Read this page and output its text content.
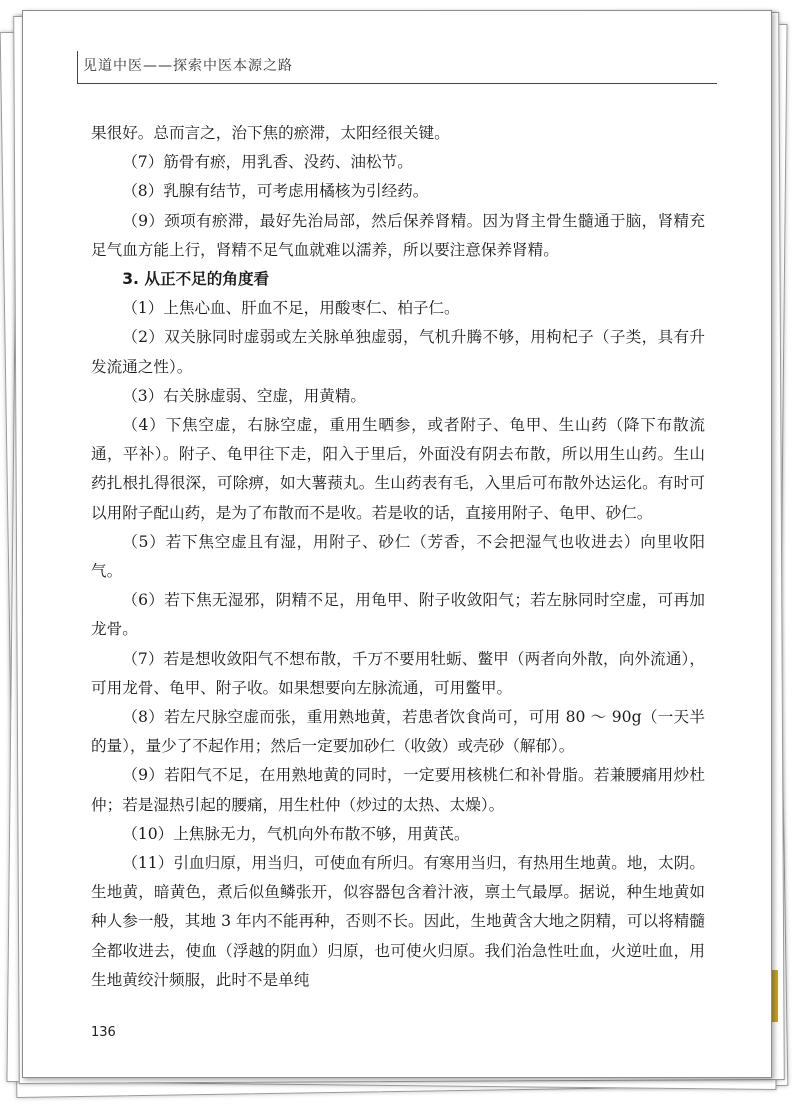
见道中医——探索中医本源之路

果很好。总而言之，治下焦的瘀滞，太阳经很关键。

（7）筋骨有瘀，用乳香、没药、油松节。

（8）乳腺有结节，可考虑用橘核为引经药。

（9）颈项有瘀滞，最好先治局部，然后保养肾精。因为肾主骨生髓通于脑，肾精充足气血方能上行，肾精不足气血就难以濡养，所以要注意保养肾精。

3. 从正不足的角度看

（1）上焦心血、肝血不足，用酸枣仁、柏子仁。

（2）双关脉同时虚弱或左关脉单独虚弱，气机升腾不够，用枸杞子（子类，具有升发流通之性）。

（3）右关脉虚弱、空虚，用黄精。

（4）下焦空虚，右脉空虚，重用生晒参，或者附子、龟甲、生山药（降下布散流通，平补）。附子、龟甲往下走，阳入于里后，外面没有阴去布散，所以用生山药。生山药扎根扎得很深，可除痹，如大薯蓣丸。生山药表有毛，入里后可布散外达运化。有时可以用附子配山药，是为了布散而不是收。若是收的话，直接用附子、龟甲、砂仁。

（5）若下焦空虚且有湿，用附子、砂仁（芳香，不会把湿气也收进去）向里收阳气。

（6）若下焦无湿邪，阴精不足，用龟甲、附子收敛阳气；若左脉同时空虚，可再加龙骨。

（7）若是想收敛阳气不想布散，千万不要用牡蛎、鳖甲（两者向外散，向外流通），可用龙骨、龟甲、附子收。如果想要向左脉流通，可用鳖甲。

（8）若左尺脉空虚而张，重用熟地黄，若患者饮食尚可，可用 80 ～ 90g（一天半的量），量少了不起作用；然后一定要加砂仁（收敛）或壳砂（解郁）。

（9）若阳气不足，在用熟地黄的同时，一定要用核桃仁和补骨脂。若兼腰痛用炒杜仲；若是湿热引起的腰痛，用生杜仲（炒过的太热、太燥）。

（10）上焦脉无力，气机向外布散不够，用黄芪。

（11）引血归原，用当归，可使血有所归。有寒用当归，有热用生地黄。地，太阴。生地黄，暗黄色，煮后似鱼鳞张开，似容器包含着汁液，禀土气最厚。据说，种生地黄如种人参一般，其地 3 年内不能再种，否则不长。因此，生地黄含大地之阴精，可以将精髓全都收进去，使血（浮越的阴血）归原，也可使火归原。我们治急性吐血，火逆吐血，用生地黄绞汁频服，此时不是单纯

136
